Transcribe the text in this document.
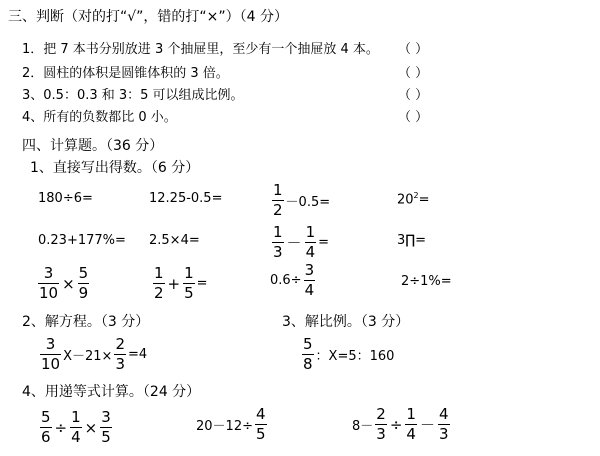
三、判断（对的打“√”，错的打“×”）（4 分）
1．把 7 本书分别放进 3 个抽屉里，至少有一个抽屉放 4 本。 （ ）
2．圆柱的体积是圆锥体积的 3 倍。	（ ）
3、0.5：0.3 和 3：5 可以组成比例。	（ ）
4、所有的负数都比 0 小。	（ ）
四、计算题。（36 分）
1、直接写出得数。（6 分）
180÷6=	12.25-0.5=	$\frac{1}{2} -0.5=$	$20^2=$
0.23+177%= 2.5×4=	$\frac{1}{3} - \frac{1}{4}$ =	3∏=
$\frac{3}{10} \times \frac{5}{9}$	$\frac{1}{2} + \frac{1}{5}$ =	$0.6\div \frac{3}{4}$	2÷1%=
2、解方程。（3 分）	3、解比例。（3 分）
$\frac{3}{10} X-21\times \frac{2}{3} =4$	$\frac{5}{8}$ ：X=5：160
4、用递等式计算。（24 分）
$\frac{5}{6} \div \frac{1}{4} \times \frac{3}{5}$	$20-12\div \frac{4}{5}$	$8- \frac{2}{3} \div \frac{1}{4} - \frac{4}{3}$
